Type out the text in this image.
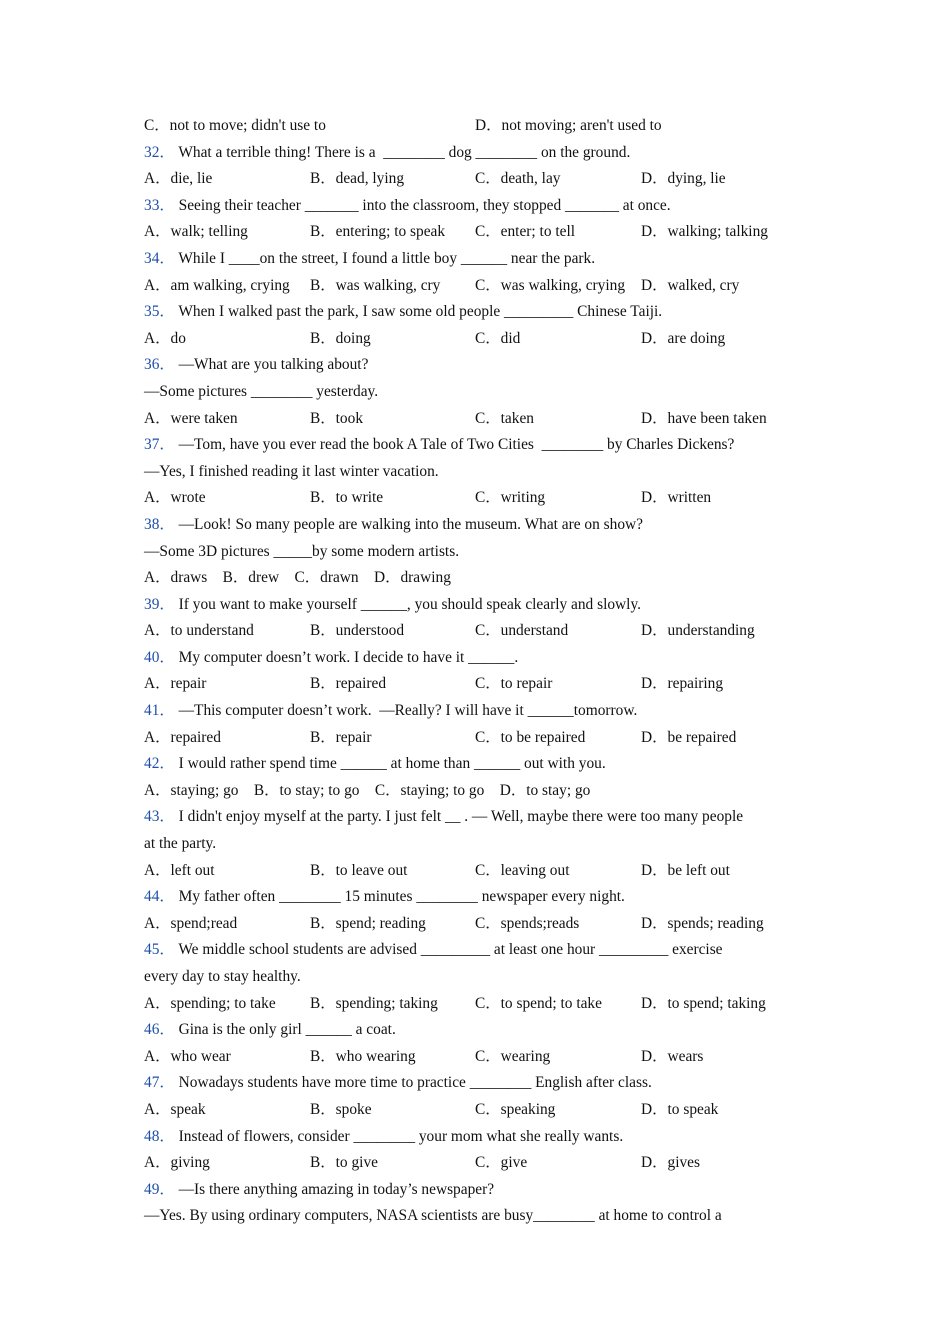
C．not to move; didn't use to

	D．not moving; aren't used to

32． What a terrible thing! There is a  ________ dog ________ on the ground.
A．die, lie	B．dead, lying	C．death, lay	D．dying, lie
33． Seeing their teacher _______ into the classroom, they stopped _______ at once.
A．walk; telling	B．entering; to speak C．enter; to tell	D．walking; talking
34． While I ____on the street, I found a little boy ______ near the park.
A．am walking, crying B．was walking, cry C．was walking, crying D．walked, cry
35． When I walked past the park, I saw some old people _________ Chinese Taiji.
A．do	B．doing	C．did	D．are doing
36． —What are you talking about?
—Some pictures ________ yesterday.
A．were taken	B．took	C．taken	D．have been taken
37． —Tom, have you ever read the book A Tale of Two Cities  ________ by Charles Dickens?
—Yes, I finished reading it last winter vacation.
A．wrote	B．to write	C．writing	D．written
38． —Look! So many people are walking into the museum. What are on show?
—Some 3D pictures _____by some modern artists.
A．draws    B．drew    C．drawn    D．drawing
39． If you want to make yourself ______, you should speak clearly and slowly.
A．to understand	B．understood	C．understand	D．understanding
40． My computer doesn’t work. I decide to have it ______.
A．repair	B．repaired	C．to repair	D．repairing
41． —This computer doesn’t work.  —Really? I will have it ______tomorrow.
A．repaired	B．repair	C．to be repaired	D．be repaired
42． I would rather spend time ______ at home than ______ out with you.
A．staying; go    B．to stay; to go    C．staying; to go    D．to stay; go
43． I didn't enjoy myself at the party. I just felt __ . — Well, maybe there were too many people
at the party.
A．left out	B．to leave out	C．leaving out	D．be left out
44． My father often ________ 15 minutes ________ newspaper every night.
A．spend;read	B．spend; reading	C．spends;reads	D．spends; reading
45． We middle school students are advised _________ at least one hour _________ exercise
every day to stay healthy.
A．spending; to take B．spending; taking C．to spend; to take	D．to spend; taking
46． Gina is the only girl ______ a coat.
A．who wear	B．who wearing	C．wearing	D．wears
47． Nowadays students have more time to practice ________ English after class.
A．speak	B．spoke	C．speaking	D．to speak
48． Instead of flowers, consider ________ your mom what she really wants.
A．giving	B．to give	C．give	D．gives
49． —Is there anything amazing in today’s newspaper?
—Yes. By using ordinary computers, NASA scientists are busy________ at home to control a
